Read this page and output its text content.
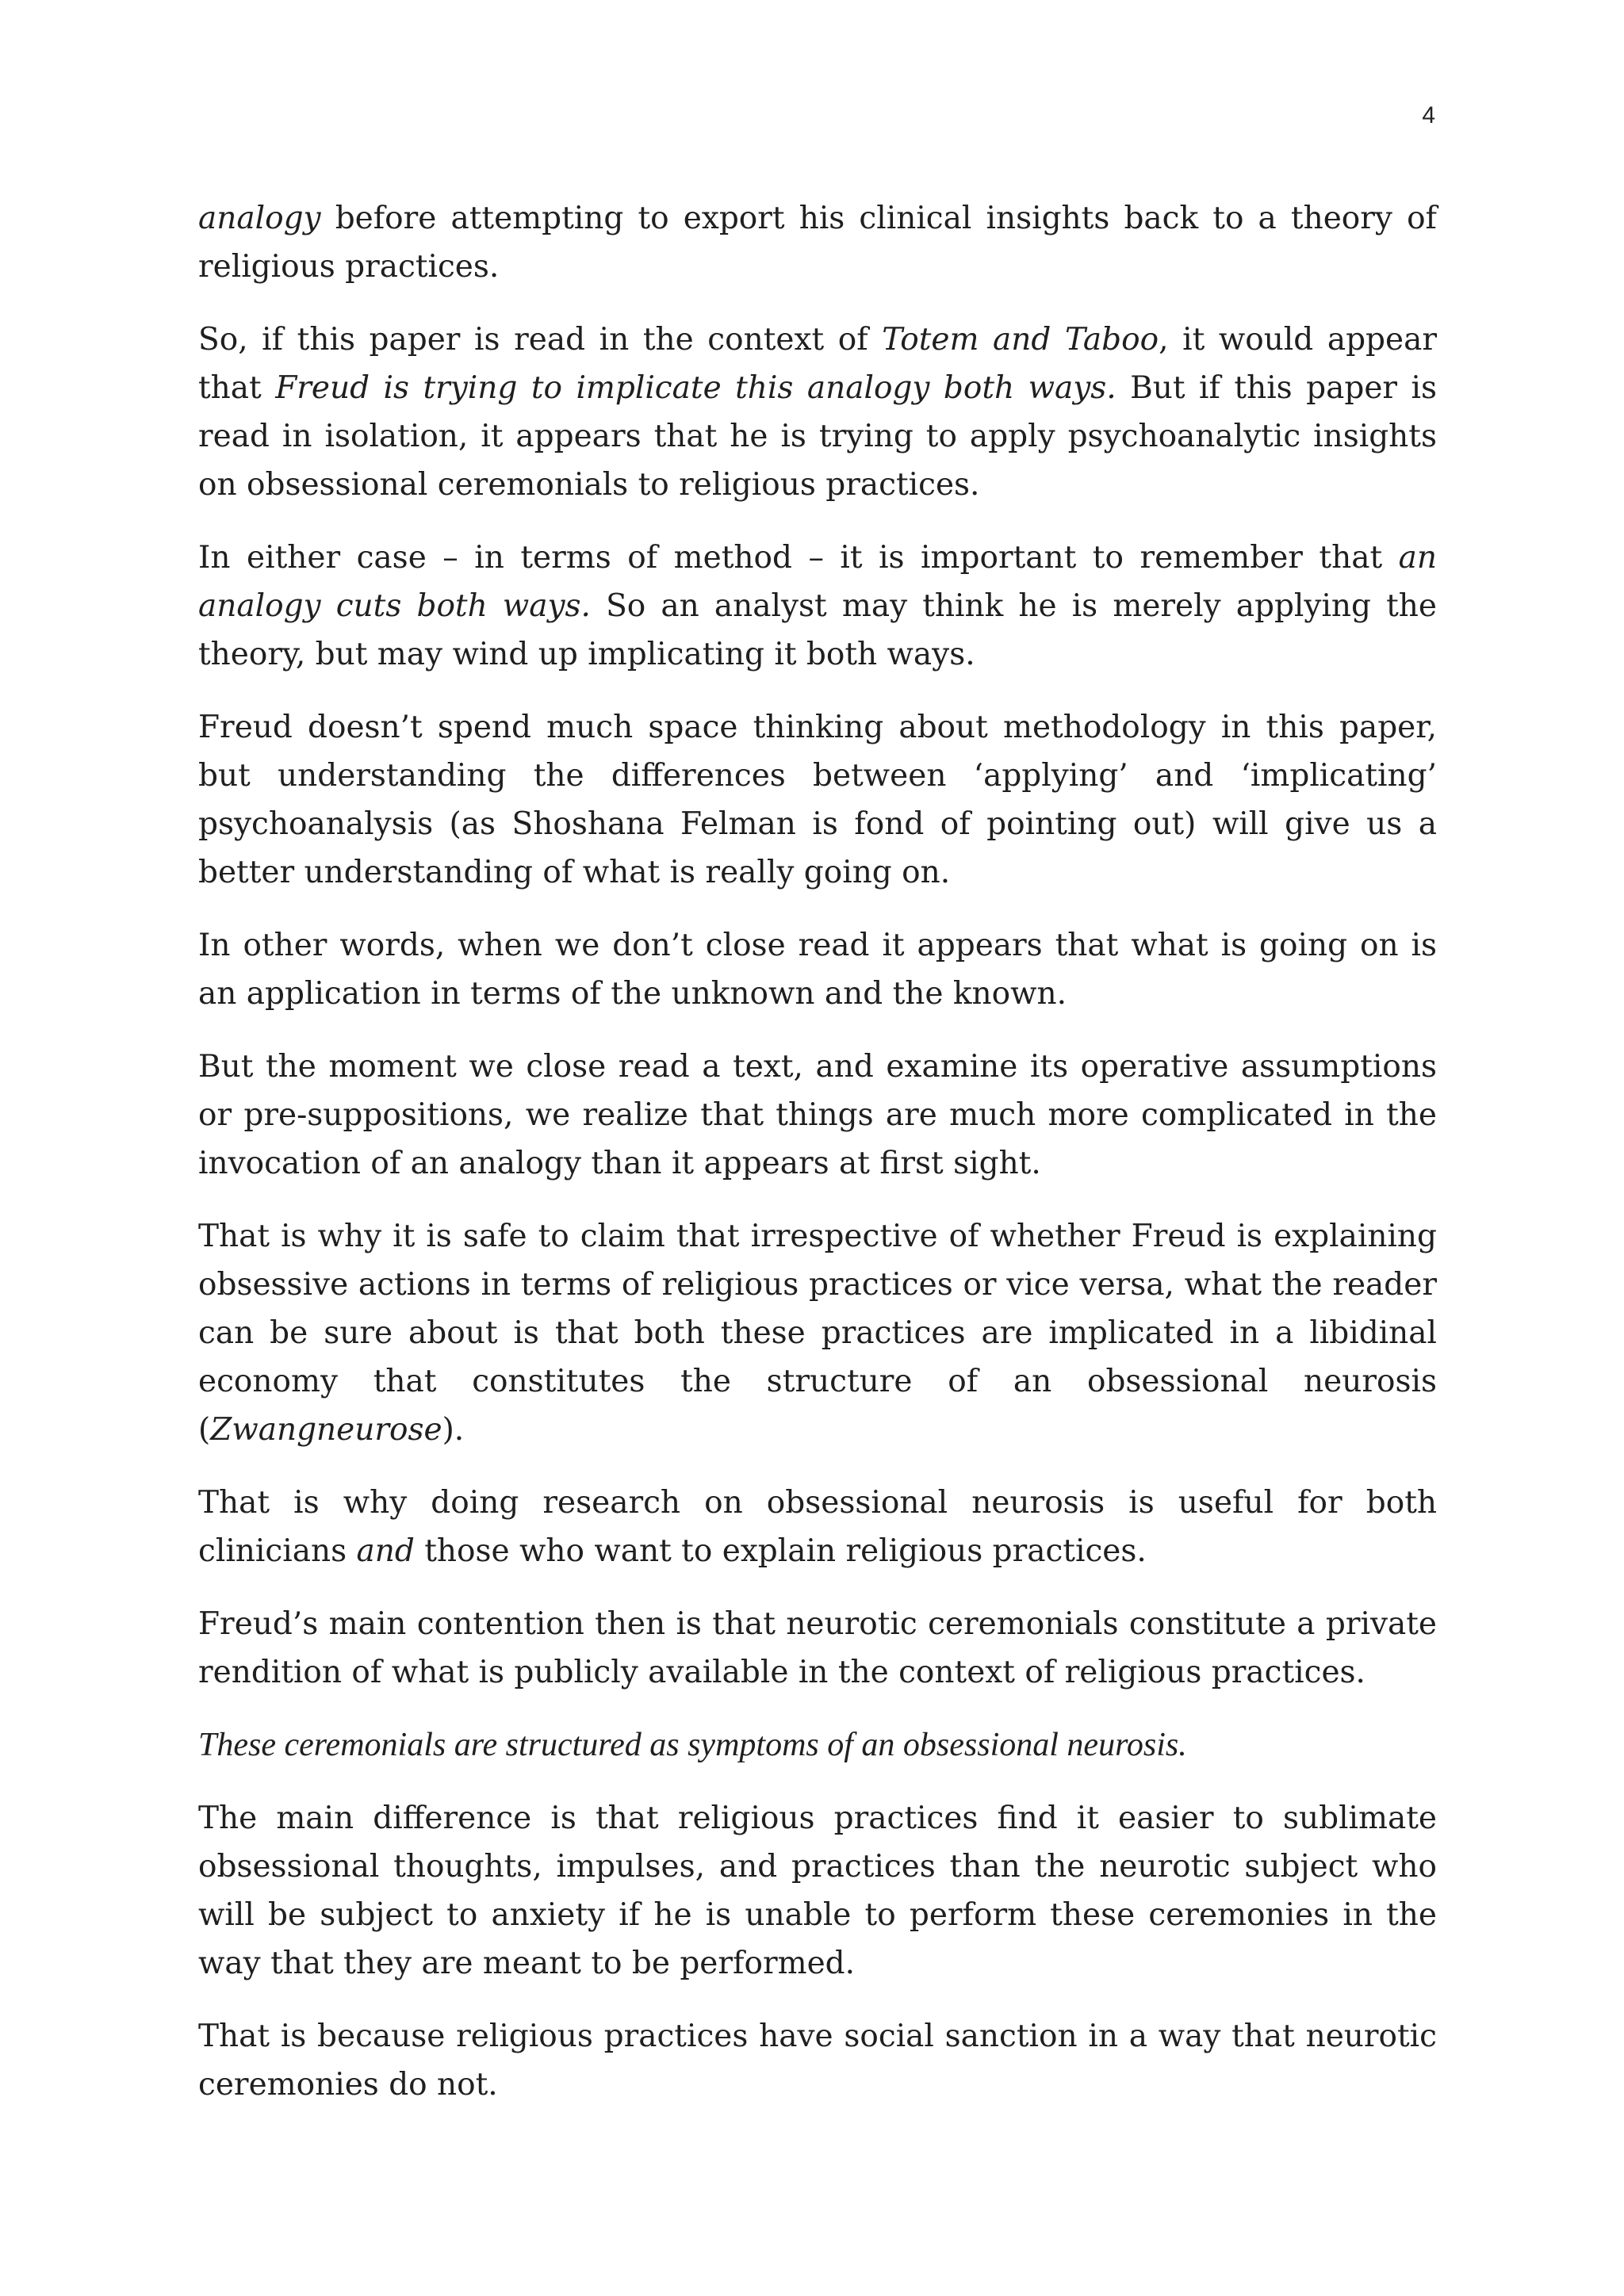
4

analogy before attempting to export his clinical insights back to a theory of religious practices.

So, if this paper is read in the context of Totem and Taboo, it would appear that Freud is trying to implicate this analogy both ways. But if this paper is read in isolation, it appears that he is trying to apply psychoanalytic insights on obsessional ceremonials to religious practices.

In either case – in terms of method – it is important to remember that an analogy cuts both ways. So an analyst may think he is merely applying the theory, but may wind up implicating it both ways.

Freud doesn’t spend much space thinking about methodology in this paper, but understanding the differences between ‘applying’ and ‘implicating’ psychoanalysis (as Shoshana Felman is fond of pointing out) will give us a better understanding of what is really going on.

In other words, when we don’t close read it appears that what is going on is an application in terms of the unknown and the known.

But the moment we close read a text, and examine its operative assumptions or pre-suppositions, we realize that things are much more complicated in the invocation of an analogy than it appears at first sight.

That is why it is safe to claim that irrespective of whether Freud is explaining obsessive actions in terms of religious practices or vice versa, what the reader can be sure about is that both these practices are implicated in a libidinal economy that constitutes the structure of an obsessional neurosis (Zwangneurose).

That is why doing research on obsessional neurosis is useful for both clinicians and those who want to explain religious practices.

Freud’s main contention then is that neurotic ceremonials constitute a private rendition of what is publicly available in the context of religious practices.

These ceremonials are structured as symptoms of an obsessional neurosis.

The main difference is that religious practices find it easier to sublimate obsessional thoughts, impulses, and practices than the neurotic subject who will be subject to anxiety if he is unable to perform these ceremonies in the way that they are meant to be performed.

That is because religious practices have social sanction in a way that neurotic ceremonies do not.
